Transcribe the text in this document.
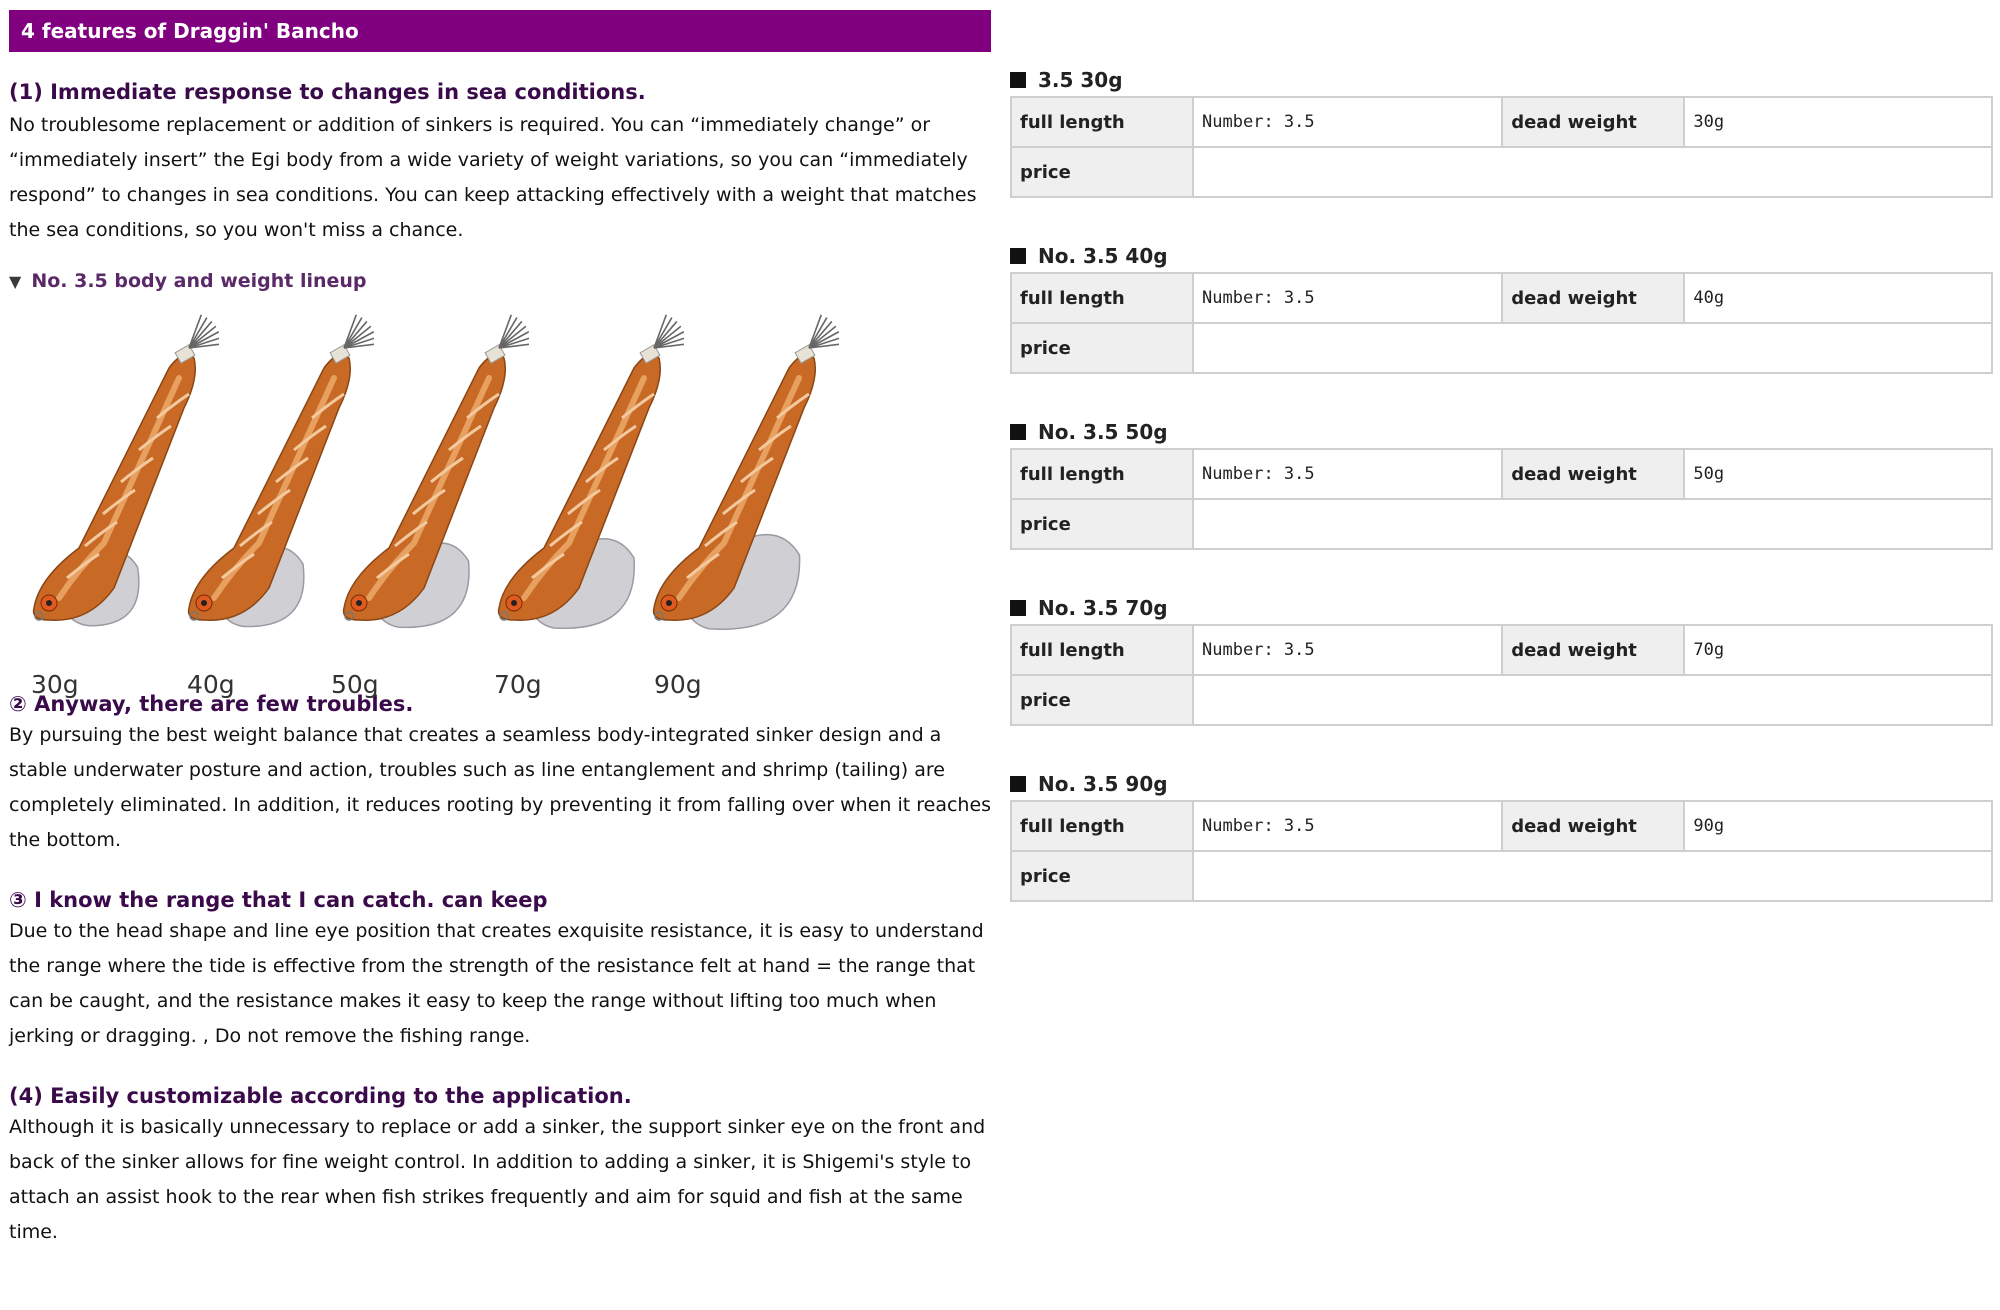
4 features of Draggin' Bancho
(1) Immediate response to changes in sea conditions.

No troublesome replacement or addition of sinkers is required. You can “immediately change” or “immediately insert” the Egi body from a wide variety of weight variations, so you can “immediately respond” to changes in sea conditions. You can keep attacking effectively with a weight that matches the sea conditions, so you won't miss a chance.

▼ No. 3.5 body and weight lineup
30g	40g	50g	70g	90g
② Anyway, there are few troubles.

By pursuing the best weight balance that creates a seamless body-integrated sinker design and a stable underwater posture and action, troubles such as line entanglement and shrimp (tailing) are completely eliminated. In addition, it reduces rooting by preventing it from falling over when it reaches the bottom.

③ I know the range that I can catch. can keep

Due to the head shape and line eye position that creates exquisite resistance, it is easy to understand the range where the tide is effective from the strength of the resistance felt at hand = the range that can be caught, and the resistance makes it easy to keep the range without lifting too much when jerking or dragging. , Do not remove the fishing range.

(4) Easily customizable according to the application.

Although it is basically unnecessary to replace or add a sinker, the support sinker eye on the front and back of the sinker allows for fine weight control. In addition to adding a sinker, it is Shigemi's style to attach an assist hook to the rear when fish strikes frequently and aim for squid and fish at the same time.

3.5 30g
full length	Number: 3.5	dead weight	30g
price			
No. 3.5 40g
full length	Number: 3.5	dead weight	40g
price			
No. 3.5 50g
full length	Number: 3.5	dead weight	50g
price			
No. 3.5 70g
full length	Number: 3.5	dead weight	70g
price			
No. 3.5 90g
full length	Number: 3.5	dead weight	90g
price			
